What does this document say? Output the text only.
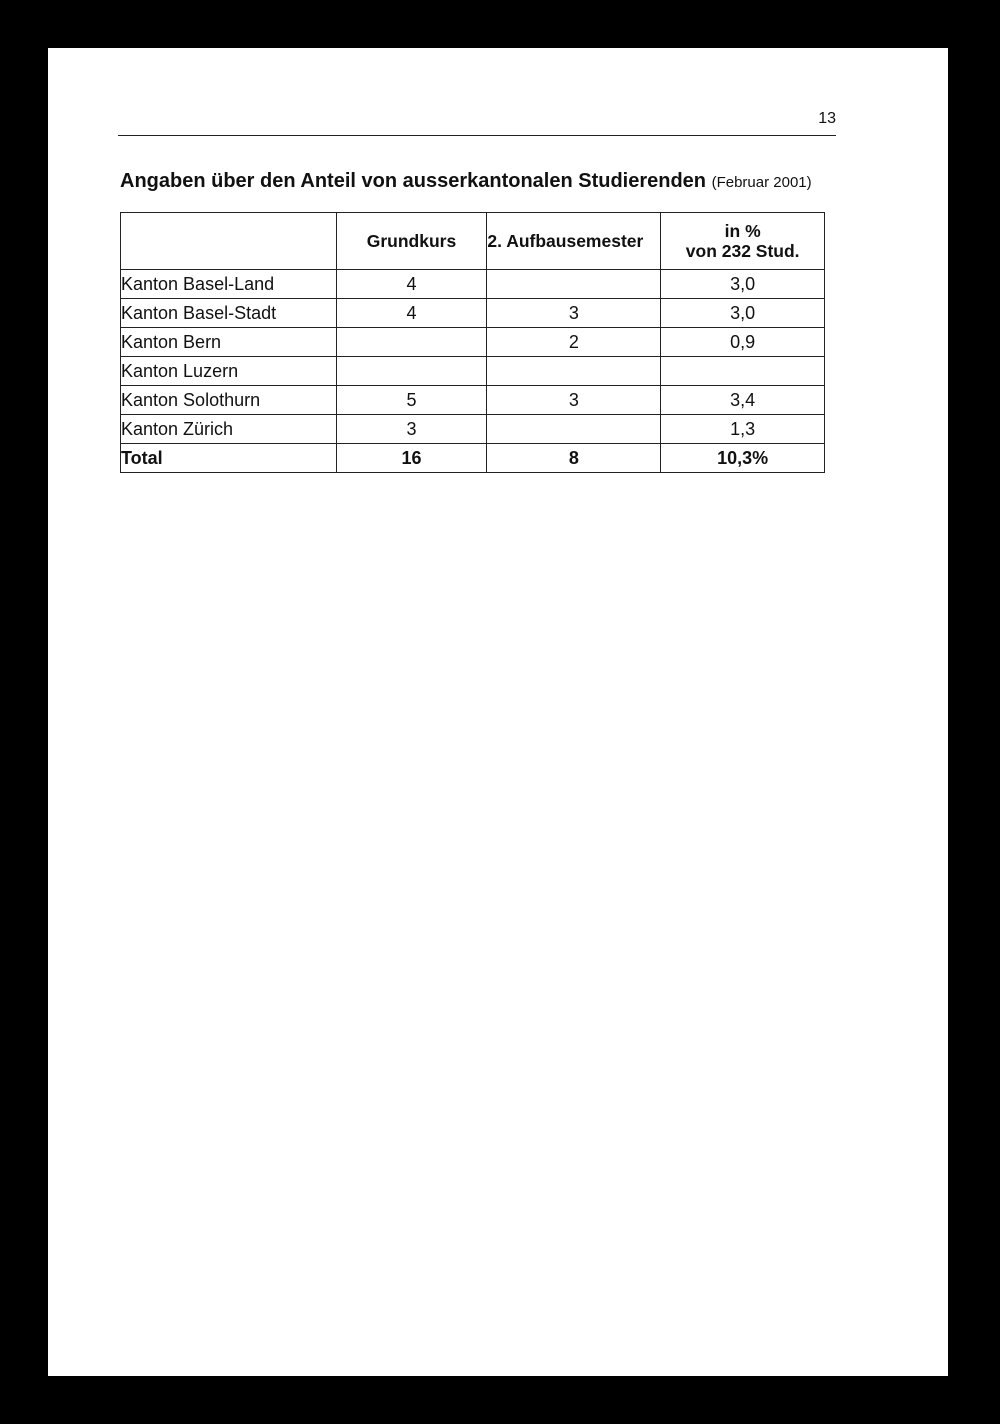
13
Angaben über den Anteil von ausserkantonalen Studierenden (Februar 2001)
	Grundkurs	2. Aufbausemester	in %
von 232 Stud.

Kanton Basel-Land	4		3,0
Kanton Basel-Stadt	4	3	3,0
Kanton Bern		2	0,9
Kanton Luzern			
Kanton Solothurn	5	3	3,4
Kanton Zürich	3		1,3
Total	16	8	10,3%
